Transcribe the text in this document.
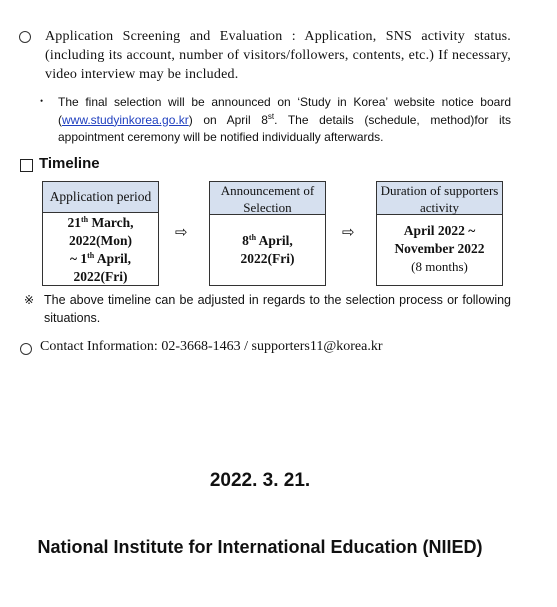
Application Screening and Evaluation : Application, SNS activity status. (including its account, number of visitors/followers, contents, etc.) If necessary, video interview may be included.
• The final selection will be announced on ‘Study in Korea’ website notice board (www.studyinkorea.go.kr) on April 8st. The details (schedule, method)for its appointment ceremony will be notified individually afterwards.
Timeline
Application period
21th March,
2022(Mon)
~ 1th April,
2022(Fri)
⇨
Announcement of Selection
8th April,
2022(Fri)
⇨
Duration of supporters activity
April 2022 ~
November 2022
(8 months)
※ The above timeline can be adjusted in regards to the selection process or following situations.
Contact Information: 02-3668-1463 / supporters11@korea.kr
2022. 3. 21.
National Institute for International Education (NIIED)
